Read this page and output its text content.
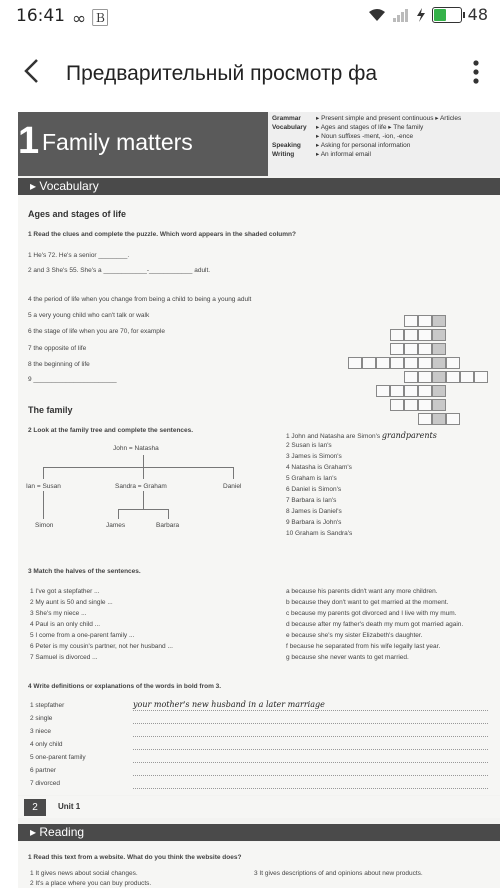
16:41 ∞ 🄱	48
Предварительный просмотр фа
1 Family matters
Grammar ▸ Present simple and present continuous ▸ Articles
Vocabulary ▸ Ages and stages of life ▸ The family
▸ Noun suffixes -ment, -ion, -ence
Speaking ▸ Asking for personal information
Writing	▸ An informal email
▸ Vocabulary
Ages and stages of life
1 Read the clues and complete the puzzle. Which word appears in the shaded column?
1 He's 72. He's a senior ________.
2 and 3 She's 55. She's a ____________-____________ adult.
4 the period of life when you change from being a child to being a young adult
5 a very young child who can't talk or walk
6 the stage of life when you are 70, for example
7 the opposite of life
8 the beginning of life
9 _______________________
The family
2 Look at the family tree and complete the sentences.
John = Natasha
Ian = Susan	Sandra = Graham	Daniel
Simon	James	Barbara
1 John and Natasha are Simon's grandparents
2 Susan is Ian's
3 James is Simon's
4 Natasha is Graham's
5 Graham is Ian's
6 Daniel is Simon's
7 Barbara is Ian's
8 James is Daniel's
9 Barbara is John's
10 Graham is Sandra's
3 Match the halves of the sentences.
1 I've got a stepfather ...
2 My aunt is 50 and single ...
3 She's my niece ...
4 Paul is an only child ...
5 I come from a one-parent family ...
6 Peter is my cousin's partner, not her husband ...
7 Samuel is divorced ...
a because his parents didn't want any more children.
b because they don't want to get married at the moment.
c because my parents got divorced and I live with my mum.
d because after my father's death my mum got married again.
e because she's my sister Elizabeth's daughter.
f because he separated from his wife legally last year.
g because she never wants to get married.
4 Write definitions or explanations of the words in bold from 3.
1 stepfather	your mother's new husband in a later marriage
2 single
3 niece
4 only child
5 one-parent family
6 partner
7 divorced
2	Unit 1
▸ Reading
1 Read this text from a website. What do you think the website does?
1 It gives news about social changes.	3 It gives descriptions of and opinions about new products.
2 It's a place where you can buy products.
